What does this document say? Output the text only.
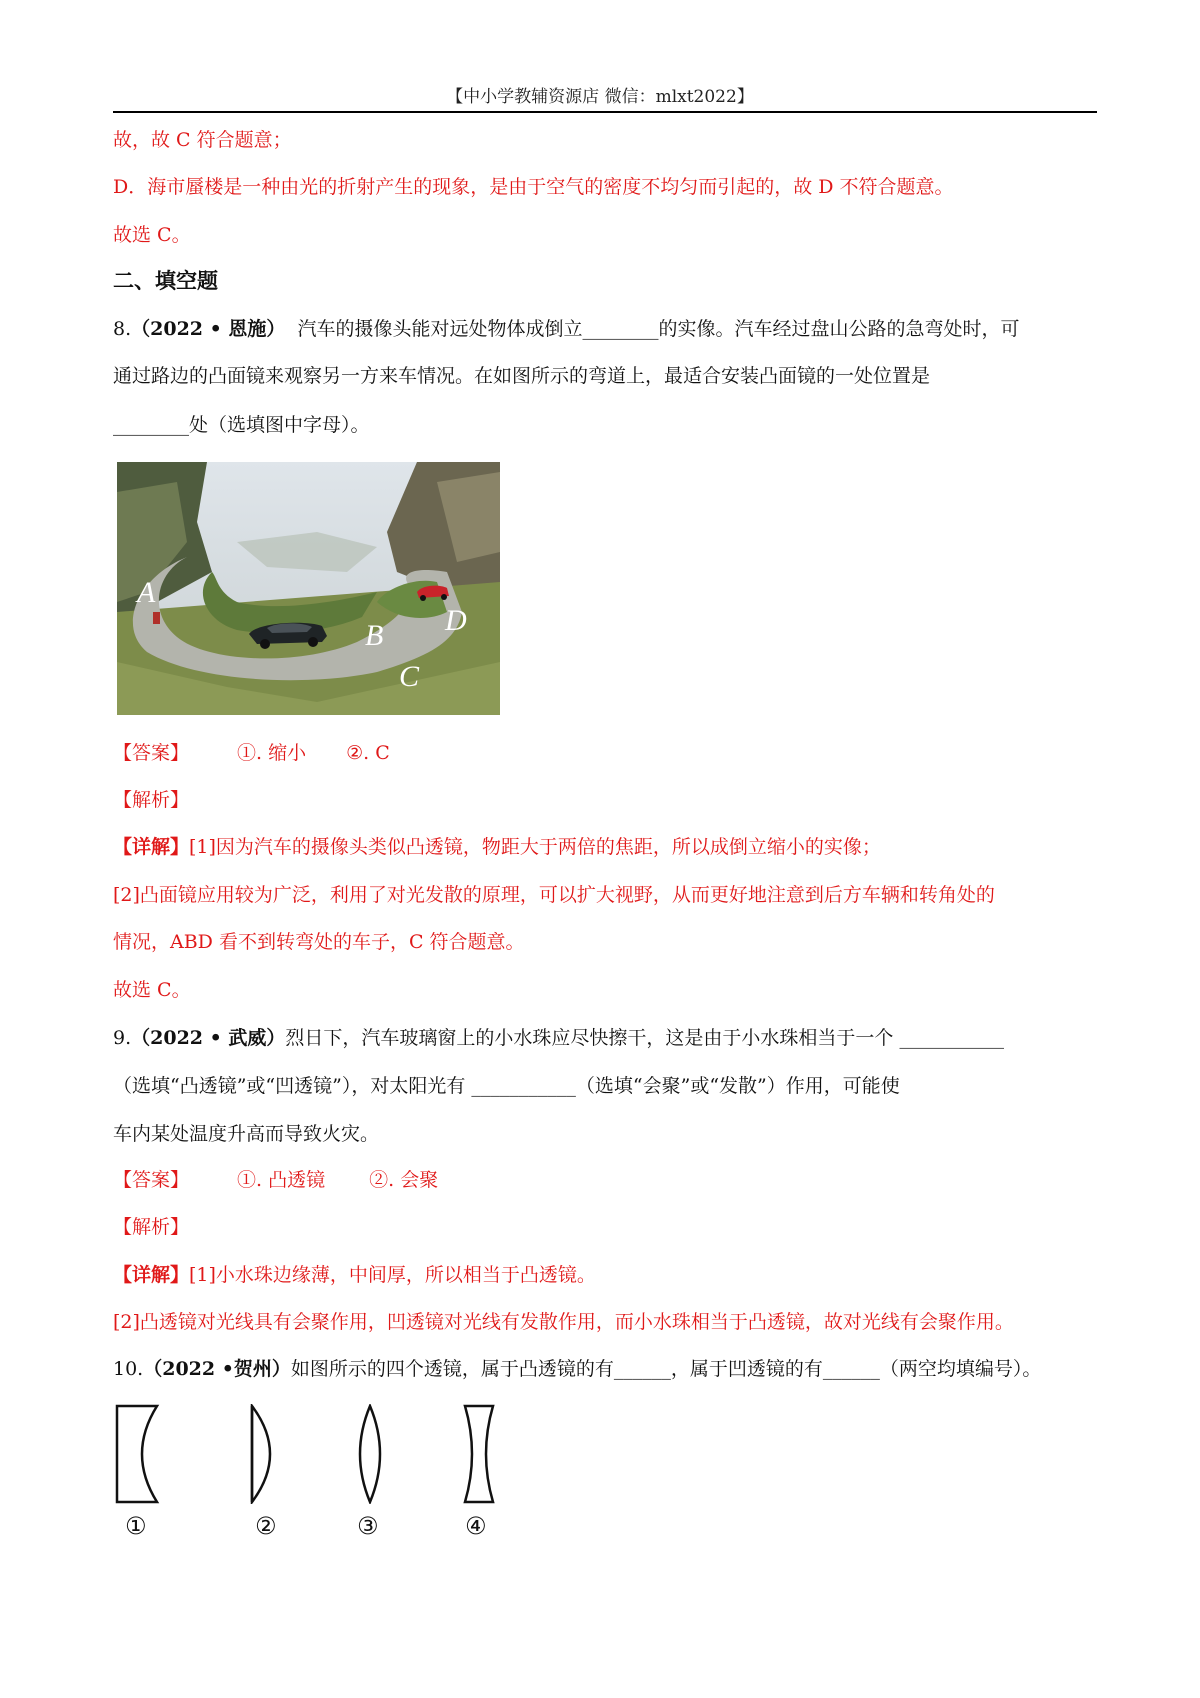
【中小学教辅资源店 微信：mlxt2022】
故，故 C 符合题意；
D．海市蜃楼是一种由光的折射产生的现象，是由于空气的密度不均匀而引起的，故 D 不符合题意。
故选 C。
二、填空题
8.（2022 • 恩施） 汽车的摄像头能对远处物体成倒立________的实像。汽车经过盘山公路的急弯处时，可
通过路边的凸面镜来观察另一方来车情况。在如图所示的弯道上，最适合安装凸面镜的一处位置是
________处（选填图中字母）。
A
B
C
D
【答案】	①. 缩小 ②. C
【解析】
【详解】[1]因为汽车的摄像头类似凸透镜，物距大于两倍的焦距，所以成倒立缩小的实像；
[2]凸面镜应用较为广泛，利用了对光发散的原理，可以扩大视野，从而更好地注意到后方车辆和转角处的
情况，ABD 看不到转弯处的车子，C 符合题意。
故选 C。
9.（2022 • 武威）烈日下，汽车玻璃窗上的小水珠应尽快擦干，这是由于小水珠相当于一个 ___________
（选填“凸透镜”或“凹透镜”），对太阳光有 ___________（选填“会聚”或“发散”）作用，可能使
车内某处温度升高而导致火灾。
【答案】	①. 凸透镜 ②. 会聚
【解析】
【详解】[1]小水珠边缘薄，中间厚，所以相当于凸透镜。
[2]凸透镜对光线具有会聚作用，凹透镜对光线有发散作用，而小水珠相当于凸透镜，故对光线有会聚作用。
10.（2022 •贺州）如图所示的四个透镜，属于凸透镜的有______，属于凹透镜的有______（两空均填编号）。
①	②	③	④
